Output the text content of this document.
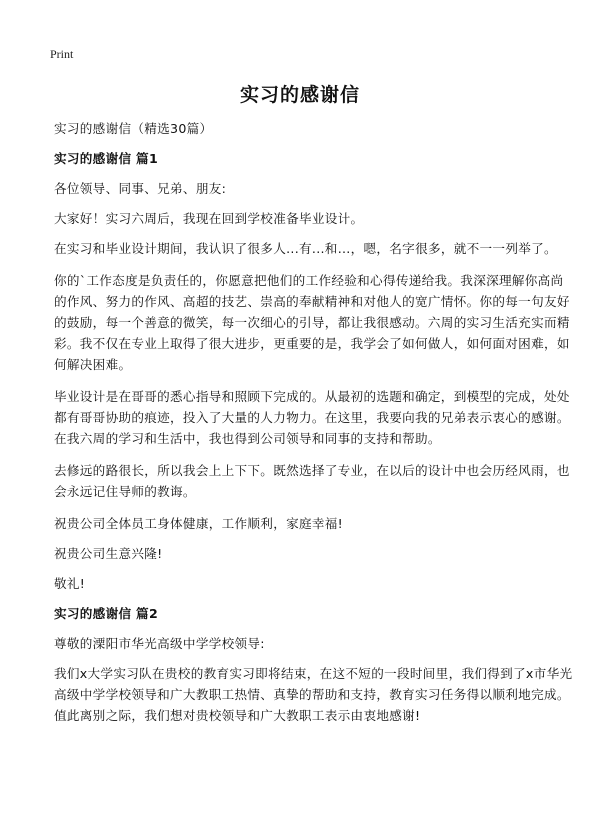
Print
实习的感谢信

实习的感谢信（精选30篇）

实习的感谢信 篇1

各位领导、同事、兄弟、朋友:

大家好！实习六周后，我现在回到学校准备毕业设计。

在实习和毕业设计期间，我认识了很多人...有...和...，嗯，名字很多，就不一一列举了。

你的`工作态度是负责任的，你愿意把他们的工作经验和心得传递给我。我深深理解你高尚的作风、努力的作风、高超的技艺、崇高的奉献精神和对他人的宽广情怀。你的每一句友好的鼓励，每一个善意的微笑，每一次细心的引导，都让我很感动。六周的实习生活充实而精彩。我不仅在专业上取得了很大进步，更重要的是，我学会了如何做人，如何面对困难，如何解决困难。

毕业设计是在哥哥的悉心指导和照顾下完成的。从最初的选题和确定，到模型的完成，处处都有哥哥协助的痕迹，投入了大量的人力物力。在这里，我要向我的兄弟表示衷心的感谢。在我六周的学习和生活中，我也得到公司领导和同事的支持和帮助。

去修远的路很长，所以我会上上下下。既然选择了专业，在以后的设计中也会历经风雨，也会永远记住导师的教诲。

祝贵公司全体员工身体健康，工作顺利，家庭幸福!

祝贵公司生意兴隆!

敬礼!

实习的感谢信 篇2

尊敬的溧阳市华光高级中学学校领导:

我们x大学实习队在贵校的教育实习即将结束，在这不短的一段时间里，我们得到了x市华光高级中学学校领导和广大教职工热情、真挚的帮助和支持，教育实习任务得以顺利地完成。值此离别之际，我们想对贵校领导和广大教职工表示由衷地感谢!
